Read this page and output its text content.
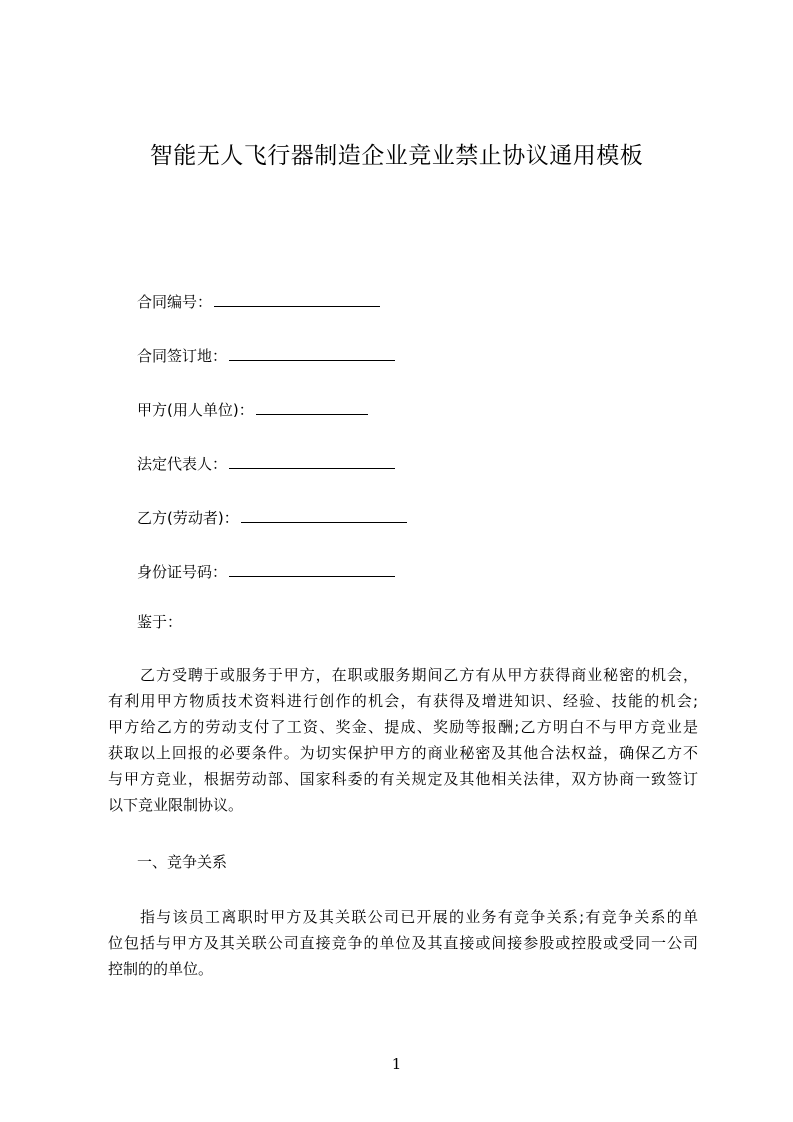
智能无人飞行器制造企业竞业禁止协议通用模板
合同编号：
合同签订地：
甲方(用人单位)：
法定代表人：
乙方(劳动者)：
身份证号码：
鉴于：
乙方受聘于或服务于甲方，在职或服务期间乙方有从甲方获得商业秘密的机会，
有利用甲方物质技术资料进行创作的机会，有获得及增进知识、经验、技能的机会;
甲方给乙方的劳动支付了工资、奖金、提成、奖励等报酬;乙方明白不与甲方竞业是
获取以上回报的必要条件。为切实保护甲方的商业秘密及其他合法权益，确保乙方不
与甲方竞业，根据劳动部、国家科委的有关规定及其他相关法律，双方协商一致签订
以下竞业限制协议。
一、竞争关系
指与该员工离职时甲方及其关联公司已开展的业务有竞争关系;有竞争关系的单
位包括与甲方及其关联公司直接竞争的单位及其直接或间接参股或控股或受同一公司
控制的的单位。
1
